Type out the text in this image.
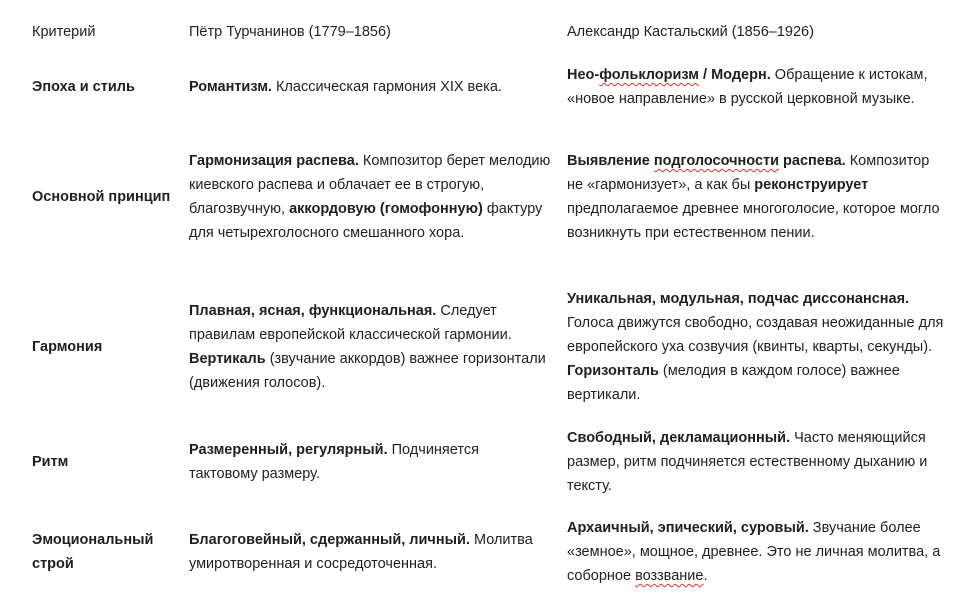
Критерий	Пётр Турчанинов (1779–1856)	Александр Кастальский (1856–1926)
Эпоха и стиль	Романтизм. Классическая гармония XIX века.	Нео-фольклоризм / Модерн. Обращение к истокам, «новое направление» в русской церковной музыке.
Основной принцип	Гармонизация распева. Композитор берет мелодию киевского распева и облачает ее в строгую, благозвучную, аккордовую (гомофонную) фактуру для четырехголосного смешанного хора.	Выявление подголосочности распева. Композитор не «гармонизует», а как бы реконструирует предполагаемое древнее многоголосие, которое могло возникнуть при естественном пении.
Гармония	Плавная, ясная, функциональная. Следует правилам европейской классической гармонии. Вертикаль (звучание аккордов) важнее горизонтали (движения голосов).	Уникальная, модульная, подчас диссонансная. Голоса движутся свободно, создавая неожиданные для европейского уха созвучия (квинты, кварты, секунды). Горизонталь (мелодия в каждом голосе) важнее вертикали.
Ритм	Размеренный, регулярный. Подчиняется тактовому размеру.	Свободный, декламационный. Часто меняющийся размер, ритм подчиняется естественному дыханию и тексту.
Эмоциональный строй	Благоговейный, сдержанный, личный. Молитва умиротворенная и сосредоточенная.	Архаичный, эпический, суровый. Звучание более «земное», мощное, древнее. Это не личная молитва, а соборное воззвание.
